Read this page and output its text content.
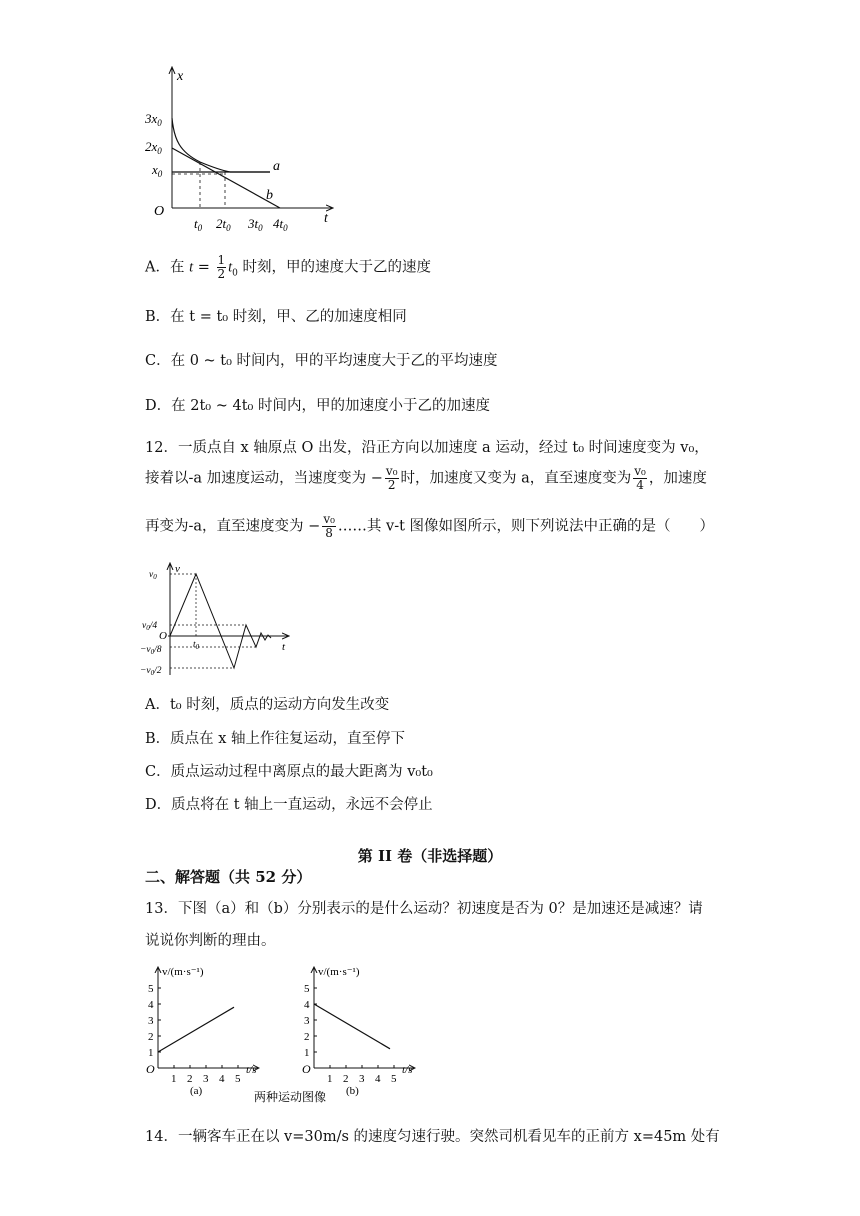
x
t
O
$3x_0$
$2x_0$
$x_0$
$t_0$ $2t_0$ $3t_0$ $4t_0$
a
b
A．在 $t = \frac{1}{2} t_0$ 时刻，甲的速度大于乙的速度
B．在 t = t₀ 时刻，甲、乙的加速度相同
C．在 0 ~ t₀ 时间内，甲的平均速度大于乙的平均速度
D．在 2t₀ ~ 4t₀ 时间内，甲的加速度小于乙的加速度
12．一质点自 x 轴原点 O 出发，沿正方向以加速度 a 运动，经过 t₀ 时间速度变为 v₀，
接着以-a 加速度运动，当速度变为 − $\frac{\text{v₀}}{2}$ 时，加速度又变为 a，直至速度变为 $\frac{\text{v₀}}{4}$ ，加速度
再变为-a，直至速度变为 − $\frac{\text{v₀}}{8}$ ……其 v-t 图像如图所示，则下列说法中正确的是（　　）
v
t
O
$v_0$
$v_0/4$
$-v_0/8$
$-v_0/2$
$t_0$
A．t₀ 时刻，质点的运动方向发生改变
B．质点在 x 轴上作往复运动，直至停下
C．质点运动过程中离原点的最大距离为 v₀t₀
D．质点将在 t 轴上一直运动，永远不会停止
第 II 卷（非选择题）
二、解答题（共 52 分）
13．下图（a）和（b）分别表示的是什么运动？初速度是否为 0？是加速还是减速？请
说说你判断的理由。
O
v/(m·s⁻¹)
t/s
1
2
3
4
5
1 2 3 4 5
(a)
O
v/(m·s⁻¹)
t/s
1
2
3
4
5
1 2 3 4 5
(b)
两种运动图像
14．一辆客车正在以 v=30m/s 的速度匀速行驶。突然司机看见车的正前方 x=45m 处有
